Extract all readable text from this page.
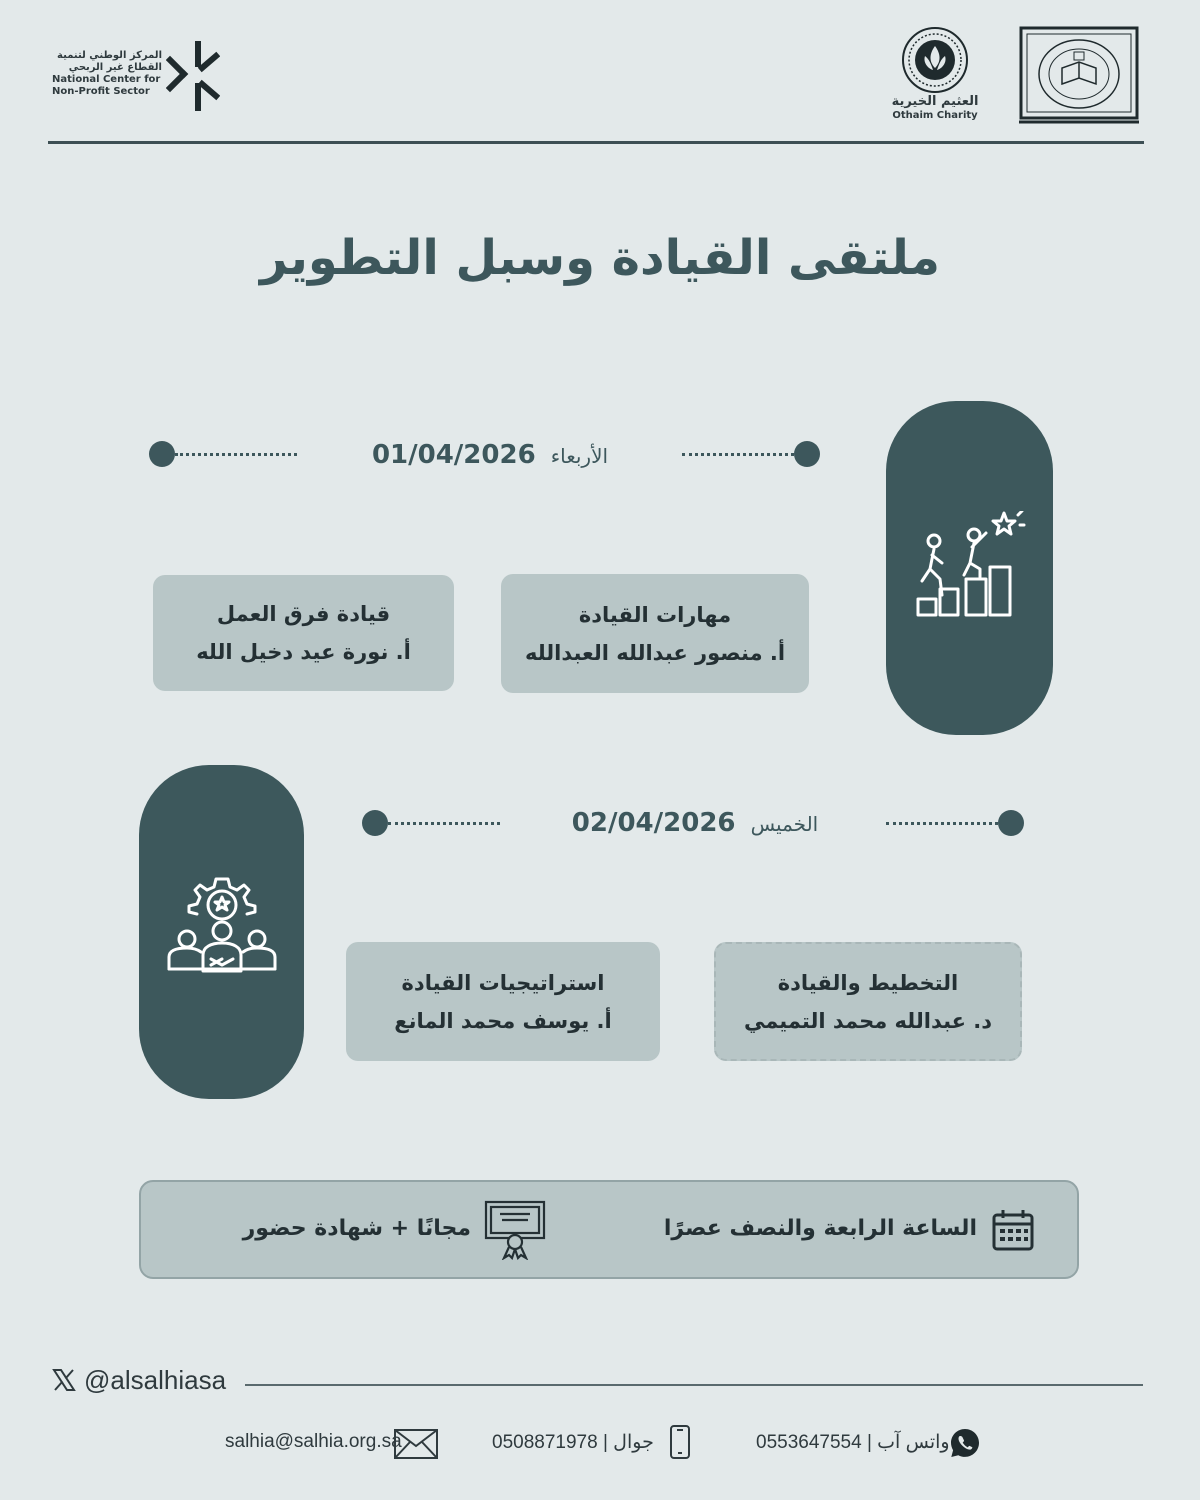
المركز الوطني لتنمية
القطاع غير الربحي
National Center for
Non-Profit Sector
العثيم الخيرية
Othaim Charity
ملتقى القيادة وسبل التطوير
الأربعاء 01/04/2026
مهارات القيادة
أ. منصور عبدالله العبدالله
قيادة فرق العمل
أ. نورة عيد دخيل الله
الخميس 02/04/2026
التخطيط والقيادة
د. عبدالله محمد التميمي
استراتيجيات القيادة
أ. يوسف محمد المانع
الساعة الرابعة والنصف عصرًا
مجانًا + شهادة حضور
@alsalhiasa
salhia@salhia.org.sa	0508871978 | جوال	0553647554 | واتس آب
